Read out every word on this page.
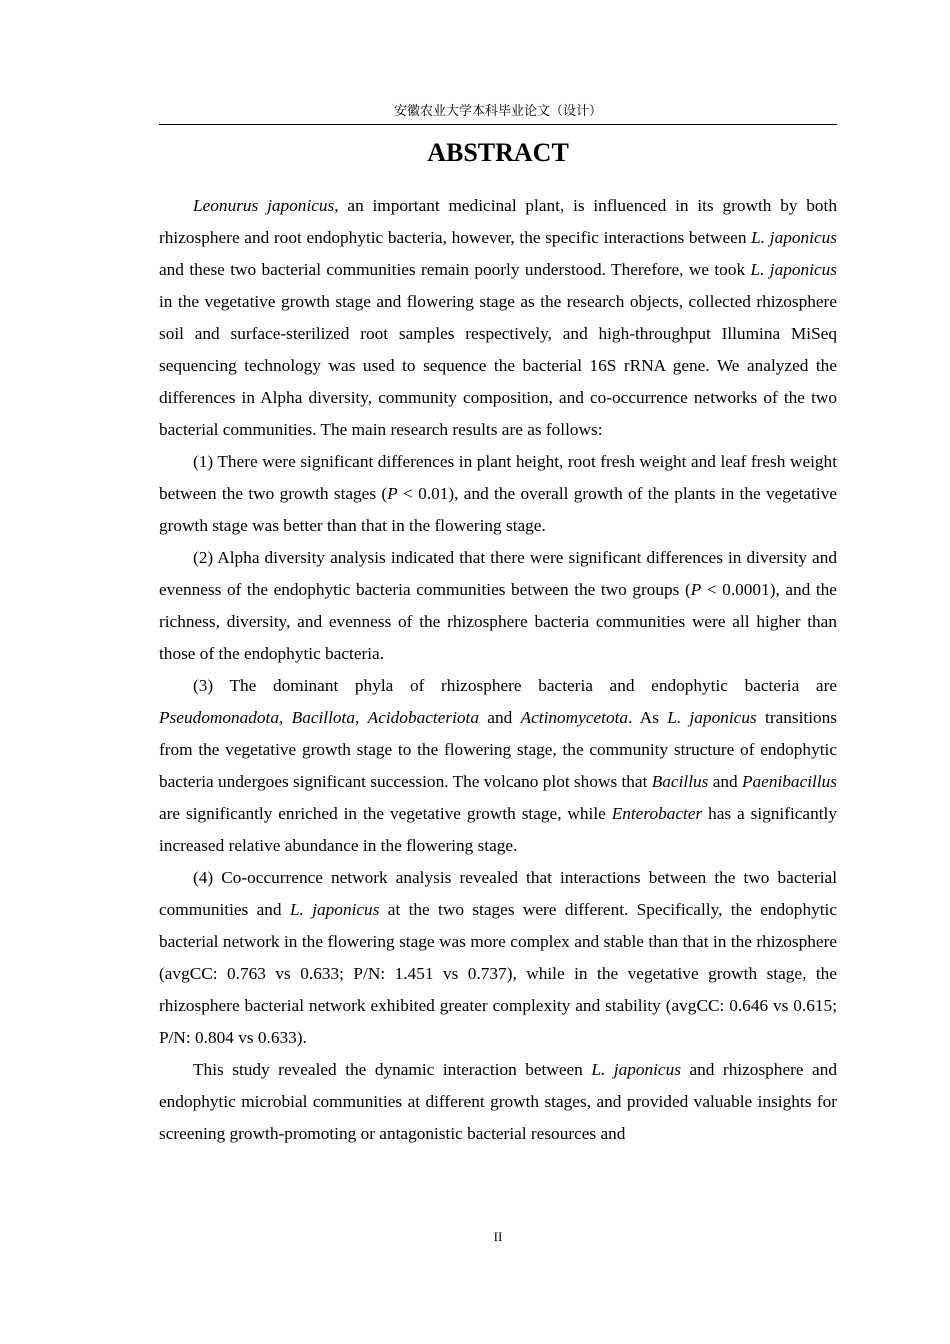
安徽农业大学本科毕业论文（设计）
ABSTRACT

Leonurus japonicus, an important medicinal plant, is influenced in its growth by both rhizosphere and root endophytic bacteria, however, the specific interactions between L. japonicus and these two bacterial communities remain poorly understood. Therefore, we took L. japonicus in the vegetative growth stage and flowering stage as the research objects, collected rhizosphere soil and surface-sterilized root samples respectively, and high-throughput Illumina MiSeq sequencing technology was used to sequence the bacterial 16S rRNA gene. We analyzed the differences in Alpha diversity, community composition, and co-occurrence networks of the two bacterial communities. The main research results are as follows:

(1) There were significant differences in plant height, root fresh weight and leaf fresh weight between the two growth stages (P < 0.01), and the overall growth of the plants in the vegetative growth stage was better than that in the flowering stage.

(2) Alpha diversity analysis indicated that there were significant differences in diversity and evenness of the endophytic bacteria communities between the two groups (P < 0.0001), and the richness, diversity, and evenness of the rhizosphere bacteria communities were all higher than those of the endophytic bacteria.

(3) The dominant phyla of rhizosphere bacteria and endophytic bacteria are Pseudomonadota, Bacillota, Acidobacteriota and Actinomycetota. As L. japonicus transitions from the vegetative growth stage to the flowering stage, the community structure of endophytic bacteria undergoes significant succession. The volcano plot shows that Bacillus and Paenibacillus are significantly enriched in the vegetative growth stage, while Enterobacter has a significantly increased relative abundance in the flowering stage.

(4) Co-occurrence network analysis revealed that interactions between the two bacterial communities and L. japonicus at the two stages were different. Specifically, the endophytic bacterial network in the flowering stage was more complex and stable than that in the rhizosphere (avgCC: 0.763 vs 0.633; P/N: 1.451 vs 0.737), while in the vegetative growth stage, the rhizosphere bacterial network exhibited greater complexity and stability (avgCC: 0.646 vs 0.615; P/N: 0.804 vs 0.633).

This study revealed the dynamic interaction between L. japonicus and rhizosphere and endophytic microbial communities at different growth stages, and provided valuable insights for screening growth-promoting or antagonistic bacterial resources and

II
